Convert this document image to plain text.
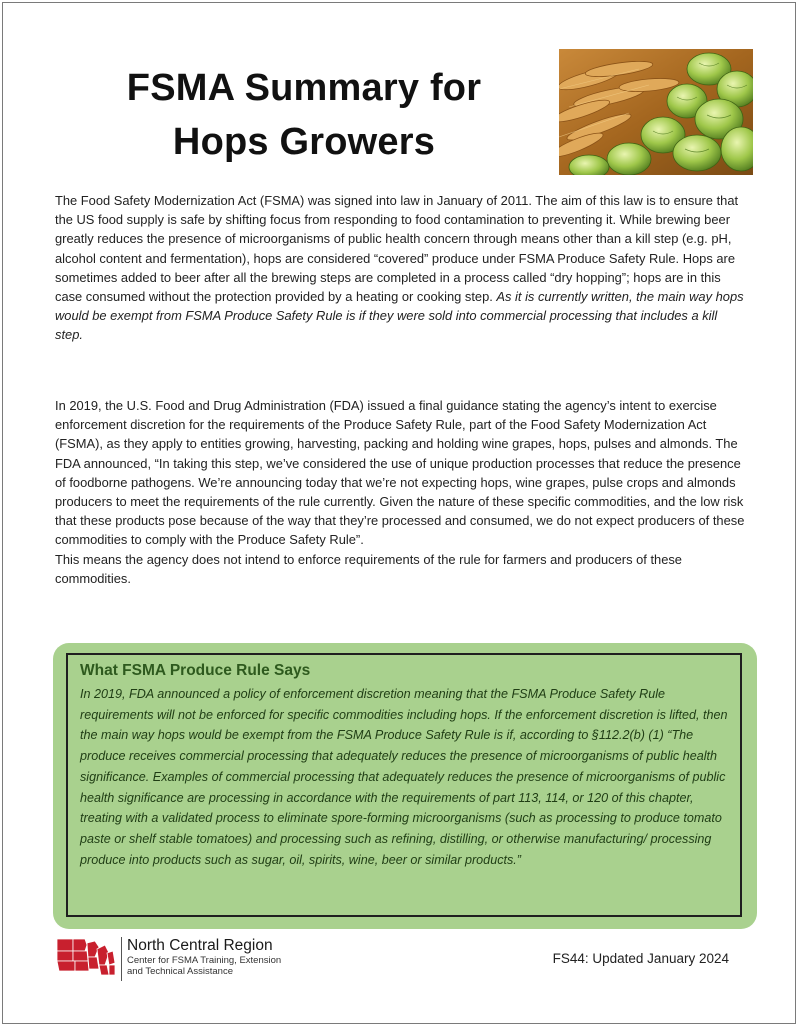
FSMA Summary for
Hops Growers

The Food Safety Modernization Act (FSMA) was signed into law in January of 2011. The aim of this law is to ensure that the US food supply is safe by shifting focus from responding to food contamination to preventing it. While brewing beer greatly reduces the presence of microorganisms of public health concern through means other than a kill step (e.g. pH, alcohol content and fermentation), hops are considered “covered” produce under FSMA Produce Safety Rule. Hops are sometimes added to beer after all the brewing steps are completed in a process called “dry hopping”; hops are in this case consumed without the protection provided by a heating or cooking step. As it is currently written, the main way hops would be exempt from FSMA Produce Safety Rule is if they were sold into commercial processing that includes a kill step.

In 2019, the U.S. Food and Drug Administration (FDA) issued a final guidance stating the agency’s intent to exercise enforcement discretion for the requirements of the Produce Safety Rule, part of the Food Safety Modernization Act (FSMA), as they apply to entities growing, harvesting, packing and holding wine grapes, hops, pulses and almonds. The FDA announced, “In taking this step, we’ve considered the use of unique production processes that reduce the presence of foodborne pathogens. We’re announcing today that we’re not expecting hops, wine grapes, pulse crops and almonds producers to meet the requirements of the rule currently. Given the nature of these specific commodities, and the low risk that these products pose because of the way that they’re processed and consumed, we do not expect producers of these commodities to comply with the Produce Safety Rule”.

This means the agency does not intend to enforce requirements of the rule for farmers and producers of these commodities.

What FSMA Produce Rule Says

In 2019, FDA announced a policy of enforcement discretion meaning that the FSMA Produce Safety Rule requirements will not be enforced for specific commodities including hops. If the enforcement discretion is lifted, then the main way hops would be exempt from the FSMA Produce Safety Rule is if, according to §112.2(b) (1) “The produce receives commercial processing that adequately reduces the presence of microorganisms of public health significance. Examples of commercial processing that adequately reduces the presence of microorganisms of public health significance are processing in accordance with the requirements of part 113, 114, or 120 of this chapter, treating with a validated process to eliminate spore-forming microorganisms (such as processing to produce tomato paste or shelf stable tomatoes) and processing such as refining, distilling, or otherwise manufacturing/ processing produce into products such as sugar, oil, spirits, wine, beer or similar products.”

North Central Region
Center for FSMA Training, Extension and Technical Assistance
FS44: Updated January 2024
